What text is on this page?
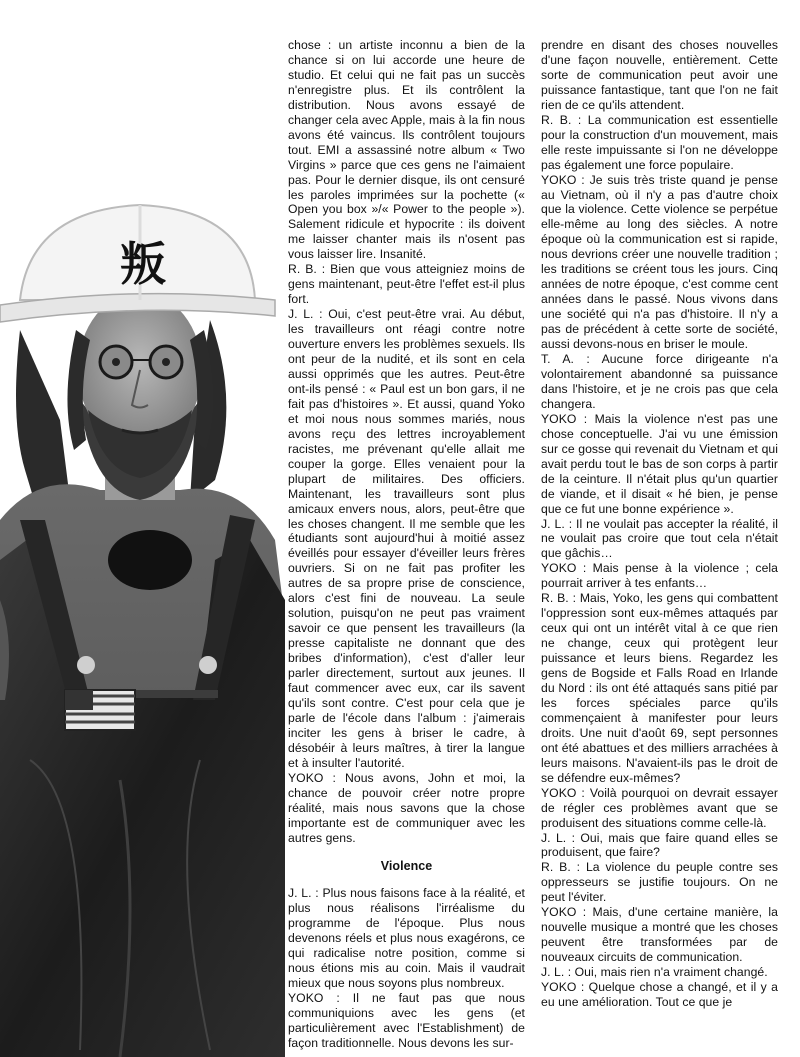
叛

chose : un artiste inconnu a bien de la chance si on lui accorde une heure de studio. Et celui qui ne fait pas un succès n'enregistre plus. Et ils contrôlent la distribution. Nous avons essayé de changer cela avec Apple, mais à la fin nous avons été vaincus. Ils contrôlent toujours tout. EMI a assassiné notre album « Two Virgins » parce que ces gens ne l'aimaient pas. Pour le dernier disque, ils ont censuré les paroles imprimées sur la pochette (« Open you box »/« Power to the people »). Salement ridicule et hypocrite : ils doivent me laisser chanter mais ils n'osent pas vous laisser lire. Insanité.

R. B. : Bien que vous atteigniez moins de gens maintenant, peut-être l'effet est-il plus fort.

J. L. : Oui, c'est peut-être vrai. Au début, les travailleurs ont réagi contre notre ouverture envers les problèmes sexuels. Ils ont peur de la nudité, et ils sont en cela aussi opprimés que les autres. Peut-être ont-ils pensé : « Paul est un bon gars, il ne fait pas d'histoires ». Et aussi, quand Yoko et moi nous nous sommes mariés, nous avons reçu des lettres incroyablement racistes, me prévenant qu'elle allait me couper la gorge. Elles venaient pour la plupart de militaires. Des officiers. Maintenant, les travailleurs sont plus amicaux envers nous, alors, peut-être que les choses changent. Il me semble que les étudiants sont aujourd'hui à moitié assez éveillés pour essayer d'éveiller leurs frères ouvriers. Si on ne fait pas profiter les autres de sa propre prise de conscience, alors c'est fini de nouveau. La seule solution, puisqu'on ne peut pas vraiment savoir ce que pensent les travailleurs (la presse capitaliste ne donnant que des bribes d'information), c'est d'aller leur parler directement, surtout aux jeunes. Il faut commencer avec eux, car ils savent qu'ils sont contre. C'est pour cela que je parle de l'école dans l'album : j'aimerais inciter les gens à briser le cadre, à désobéir à leurs maîtres, à tirer la langue et à insulter l'autorité.

YOKO : Nous avons, John et moi, la chance de pouvoir créer notre propre réalité, mais nous savons que la chose importante est de communiquer avec les autres gens.

Violence

J. L. : Plus nous faisons face à la réalité, et plus nous réalisons l'irréalisme du programme de l'époque. Plus nous devenons réels et plus nous exagérons, ce qui radicalise notre position, comme si nous étions mis au coin. Mais il vaudrait mieux que nous soyons plus nombreux.

YOKO : Il ne faut pas que nous communiquions avec les gens (et particulièrement avec l'Establishment) de façon traditionnelle. Nous devons les sur-

prendre en disant des choses nouvelles d'une façon nouvelle, entièrement. Cette sorte de communication peut avoir une puissance fantastique, tant que l'on ne fait rien de ce qu'ils attendent.

R. B. : La communication est essentielle pour la construction d'un mouvement, mais elle reste impuissante si l'on ne développe pas également une force populaire.

YOKO : Je suis très triste quand je pense au Vietnam, où il n'y a pas d'autre choix que la violence. Cette violence se perpétue elle-même au long des siècles. A notre époque où la communication est si rapide, nous devrions créer une nouvelle tradition ; les traditions se créent tous les jours. Cinq années de notre époque, c'est comme cent années dans le passé. Nous vivons dans une société qui n'a pas d'histoire. Il n'y a pas de précédent à cette sorte de société, aussi devons-nous en briser le moule.

T. A. : Aucune force dirigeante n'a volontairement abandonné sa puissance dans l'histoire, et je ne crois pas que cela changera.

YOKO : Mais la violence n'est pas une chose conceptuelle. J'ai vu une émission sur ce gosse qui revenait du Vietnam et qui avait perdu tout le bas de son corps à partir de la ceinture. Il n'était plus qu'un quartier de viande, et il disait « hé bien, je pense que ce fut une bonne expérience ».

J. L. : Il ne voulait pas accepter la réalité, il ne voulait pas croire que tout cela n'était que gâchis…

YOKO : Mais pense à la violence ; cela pourrait arriver à tes enfants…

R. B. : Mais, Yoko, les gens qui combattent l'oppression sont eux-mêmes attaqués par ceux qui ont un intérêt vital à ce que rien ne change, ceux qui protègent leur puissance et leurs biens. Regardez les gens de Bogside et Falls Road en Irlande du Nord : ils ont été attaqués sans pitié par les forces spéciales parce qu'ils commençaient à manifester pour leurs droits. Une nuit d'août 69, sept personnes ont été abattues et des milliers arrachées à leurs maisons. N'avaient-ils pas le droit de se défendre eux-mêmes?

YOKO : Voilà pourquoi on devrait essayer de régler ces problèmes avant que se produisent des situations comme celle-là.

J. L. : Oui, mais que faire quand elles se produisent, que faire?

R. B. : La violence du peuple contre ses oppresseurs se justifie toujours. On ne peut l'éviter.

YOKO : Mais, d'une certaine manière, la nouvelle musique a montré que les choses peuvent être transformées par de nouveaux circuits de communication.

J. L. : Oui, mais rien n'a vraiment changé.

YOKO : Quelque chose a changé, et il y a eu une amélioration. Tout ce que je
